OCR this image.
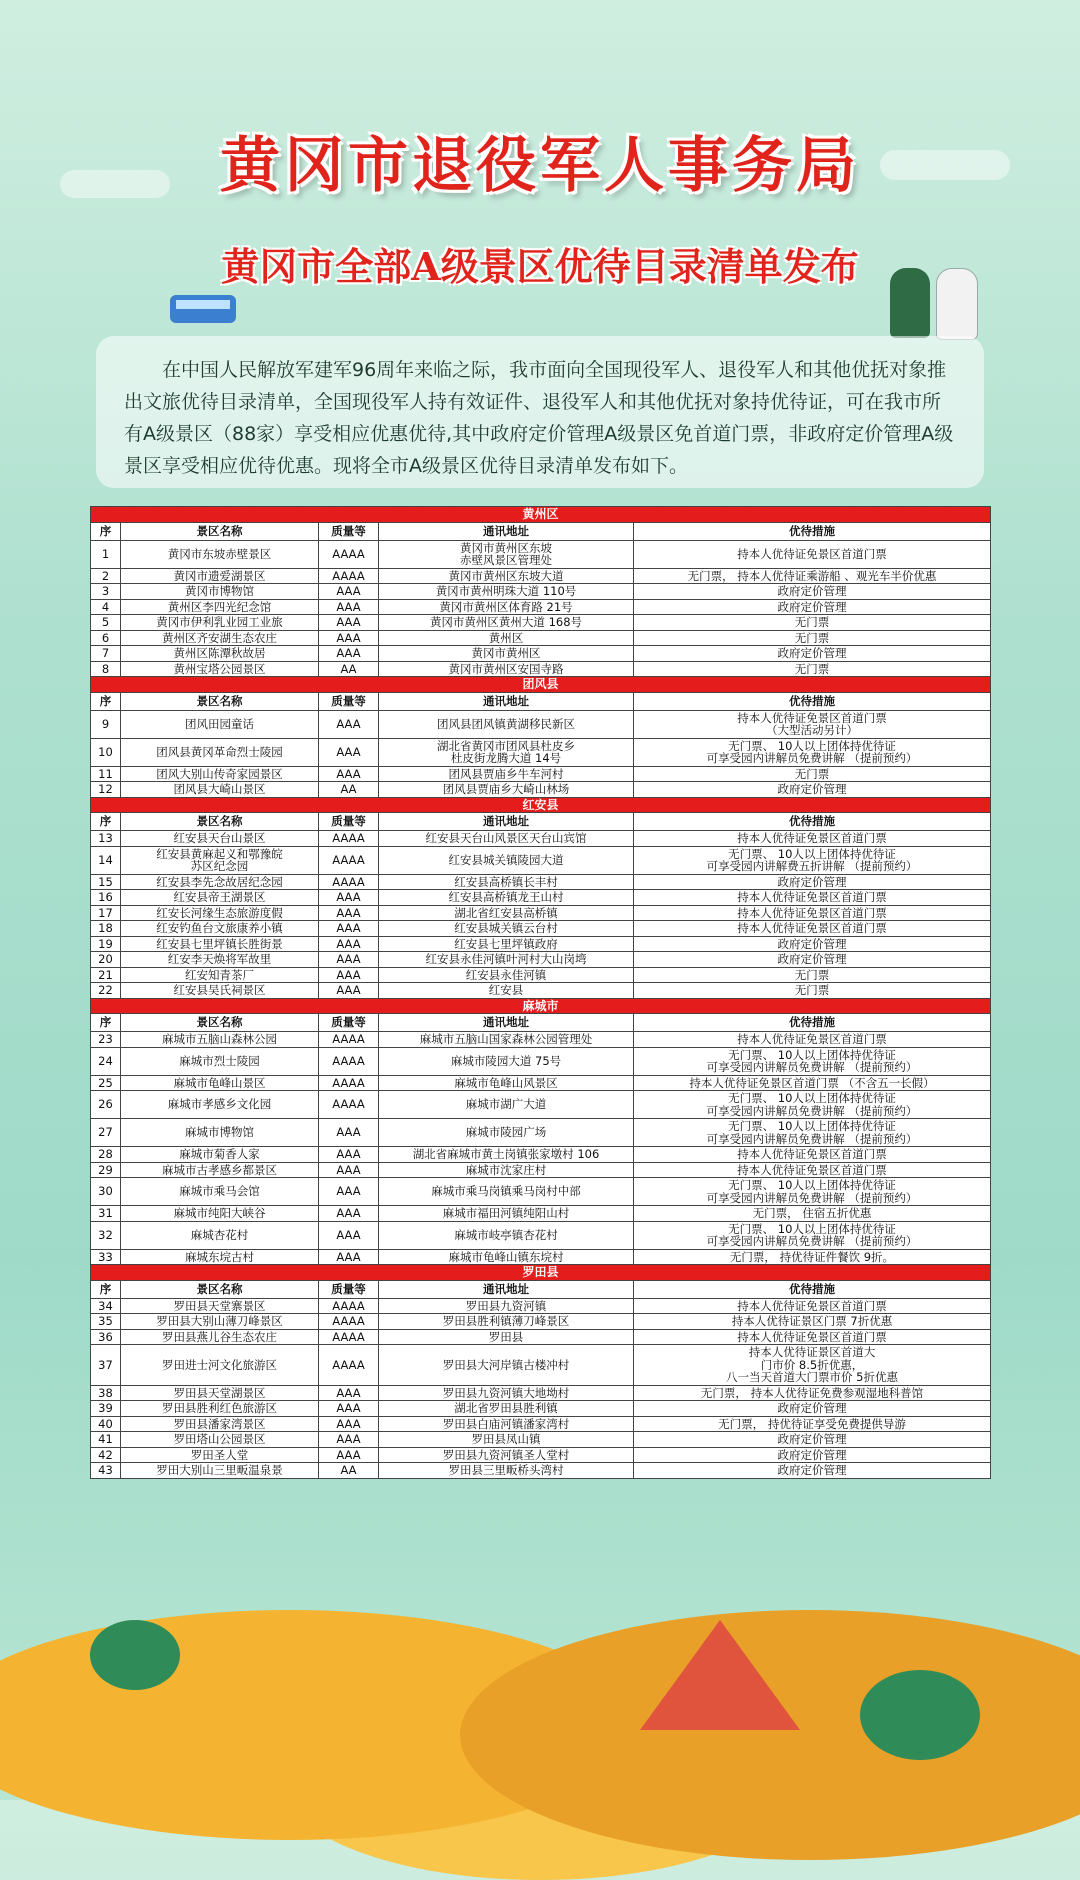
黄冈市退役军人事务局
黄冈市全部A级景区优待目录清单发布
在中国人民解放军建军96周年来临之际，我市面向全国现役军人、退役军人和其他优抚对象推出文旅优待目录清单，全国现役军人持有效证件、退役军人和其他优抚对象持优待证，可在我市所有A级景区（88家）享受相应优惠优待,其中政府定价管理A级景区免首道门票，非政府定价管理A级景区享受相应优待优惠。现将全市A级景区优待目录清单发布如下。
黄州区				
序	景区名称	质量等	通讯地址	优待措施
1	黄冈市东坡赤壁景区	AAAA	黄冈市黄州区东坡
赤壁风景区管理处	持本人优待证免景区首道门票
2	黄冈市遗爱湖景区	AAAA	黄冈市黄州区东坡大道	无门票， 持本人优待证乘游船 、观光车半价优惠
3	黄冈市博物馆	AAA	黄冈市黄州明珠大道 110号	政府定价管理
4	黄州区李四光纪念馆	AAA	黄冈市黄州区体育路 21号	政府定价管理
5	黄冈市伊利乳业园工业旅	AAA	黄冈市黄州区黄州大道 168号	无门票
6	黄州区齐安湖生态农庄	AAA	黄州区	无门票
7	黄州区陈潭秋故居	AAA	黄冈市黄州区	政府定价管理
8	黄州宝塔公园景区	AA	黄冈市黄州区安国寺路	无门票
团风县				
序	景区名称	质量等	通讯地址	优待措施
9	团风田园童话	AAA	团风县团风镇黄湖移民新区	持本人优待证免景区首道门票
（大型活动另计）
10	团风县黄冈革命烈士陵园	AAA	湖北省黄冈市团风县杜皮乡
杜皮街龙腾大道 14号	无门票、 10人以上团体持优待证
可享受园内讲解员免费讲解 （提前预约）
11	团风大别山传奇家园景区	AAA	团风县贾庙乡牛车河村	无门票
12	团风县大崎山景区	AA	团风县贾庙乡大崎山林场	政府定价管理
红安县				
序	景区名称	质量等	通讯地址	优待措施
13	红安县天台山景区	AAAA	红安县天台山风景区天台山宾馆	持本人优待证免景区首道门票
14	红安县黄麻起义和鄂豫皖
苏区纪念园	AAAA	红安县城关镇陵园大道	无门票、 10人以上团体持优待证
可享受园内讲解费五折讲解 （提前预约）
15	红安县李先念故居纪念园	AAAA	红安县高桥镇长丰村	政府定价管理
16	红安县帝王湖景区	AAA	红安县高桥镇龙王山村	持本人优待证免景区首道门票
17	红安长河缘生态旅游度假	AAA	湖北省红安县高桥镇	持本人优待证免景区首道门票
18	红安钓鱼台文旅康养小镇	AAA	红安县城关镇云台村	持本人优待证免景区首道门票
19	红安县七里坪镇长胜街景	AAA	红安县七里坪镇政府	政府定价管理
20	红安李天焕将军故里	AAA	红安县永佳河镇叶河村大山岗塆	政府定价管理
21	红安知青茶厂	AAA	红安县永佳河镇	无门票
22	红安县吴氏祠景区	AAA	红安县	无门票
麻城市				
序	景区名称	质量等	通讯地址	优待措施
23	麻城市五脑山森林公园	AAAA	麻城市五脑山国家森林公园管理处	持本人优待证免景区首道门票
24	麻城市烈士陵园	AAAA	麻城市陵园大道 75号	无门票、 10人以上团体持优待证
可享受园内讲解员免费讲解 （提前预约）
25	麻城市龟峰山景区	AAAA	麻城市龟峰山风景区	持本人优待证免景区首道门票 （不含五一长假）
26	麻城市孝感乡文化园	AAAA	麻城市湖广大道	无门票、 10人以上团体持优待证
可享受园内讲解员免费讲解 （提前预约）
27	麻城市博物馆	AAA	麻城市陵园广场	无门票、 10人以上团体持优待证
可享受园内讲解员免费讲解 （提前预约）
28	麻城市菊香人家	AAA	湖北省麻城市黄土岗镇张家墩村 106	持本人优待证免景区首道门票
29	麻城市古孝感乡都景区	AAA	麻城市沈家庄村	持本人优待证免景区首道门票
30	麻城市乘马会馆	AAA	麻城市乘马岗镇乘马岗村中部	无门票、 10人以上团体持优待证
可享受园内讲解员免费讲解 （提前预约）
31	麻城市纯阳大峡谷	AAA	麻城市福田河镇纯阳山村	无门票， 住宿五折优惠
32	麻城杏花村	AAA	麻城市岐亭镇杏花村	无门票、 10人以上团体持优待证
可享受园内讲解员免费讲解 （提前预约）
33	麻城东垸古村	AAA	麻城市龟峰山镇东垸村	无门票， 持优待证件餐饮 9折。
罗田县				
序	景区名称	质量等	通讯地址	优待措施
34	罗田县天堂寨景区	AAAA	罗田县九资河镇	持本人优待证免景区首道门票
35	罗田县大别山薄刀峰景区	AAAA	罗田县胜利镇薄刀峰景区	持本人优待证景区门票 7折优惠
36	罗田县燕儿谷生态农庄	AAAA	罗田县	持本人优待证免景区首道门票
37	罗田进士河文化旅游区	AAAA	罗田县大河岸镇古楼冲村	持本人优待证景区首道大
门市价 8.5折优惠，
八一当天首道大门票市价 5折优惠
38	罗田县天堂湖景区	AAA	罗田县九资河镇大地坳村	无门票， 持本人优待证免费参观湿地科普馆
39	罗田县胜利红色旅游区	AAA	湖北省罗田县胜利镇	政府定价管理
40	罗田县潘家湾景区	AAA	罗田县白庙河镇潘家湾村	无门票， 持优待证享受免费提供导游
41	罗田塔山公园景区	AAA	罗田县凤山镇	政府定价管理
42	罗田圣人堂	AAA	罗田县九资河镇圣人堂村	政府定价管理
43	罗田大别山三里畈温泉景	AA	罗田县三里畈桥头湾村	政府定价管理
